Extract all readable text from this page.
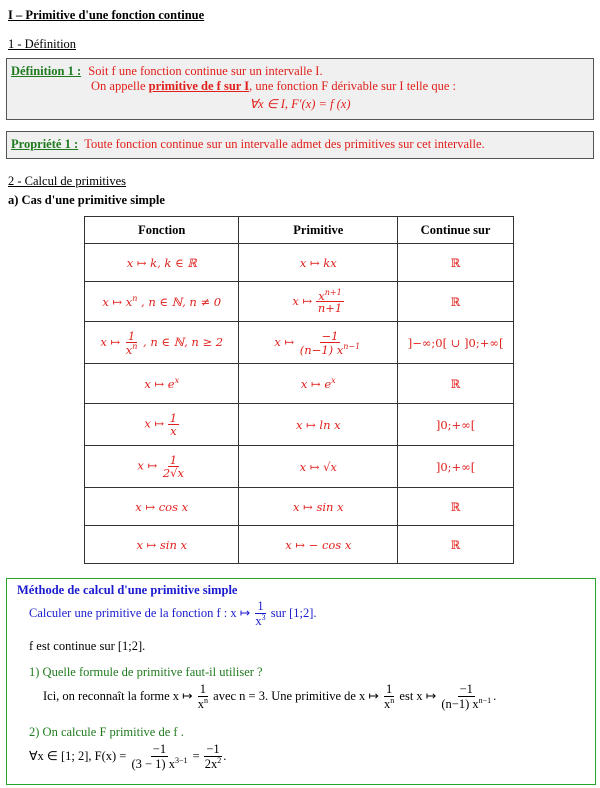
I – Primitive d'une fonction continue
1 - Définition
Définition 1 : Soit f une fonction continue sur un intervalle I.
On appelle primitive de f sur I, une fonction F dérivable sur I telle que :
∀x ∈ I, F′(x) = f (x)
Propriété 1 : Toute fonction continue sur un intervalle admet des primitives sur cet intervalle.
2 - Calcul de primitives
a) Cas d'une primitive simple
Fonction	Primitive	Continue sur
x ↦ k, k ∈ ℝ	x ↦ kx	ℝ
x ↦ $x^n$ , n ∈ ℕ, n ≠ 0	x ↦ $\frac{x^{n+1}}{n+1}$	ℝ
x ↦ $\frac{1}{x^n}$ , n ∈ ℕ, n ≥ 2	x ↦ $\frac{-1}{(n-1) x^{n-1}}$	]−∞;0[ ∪ ]0;+∞[
x ↦ $e^x$	x ↦ $e^x$	ℝ
x ↦ $\frac{1}{x}$	x ↦ ln x	]0;+∞[
x ↦ $\frac{1}{2√x}$	x ↦ √x	]0;+∞[
x ↦ cos x	x ↦ sin x	ℝ
x ↦ sin x	x ↦ − cos x	ℝ
Méthode de calcul d'une primitive simple
Calculer une primitive de la fonction f : x ↦ $\frac{1}{x^3}$ sur [1;2].
f est continue sur [1;2].
1) Quelle formule de primitive faut-il utiliser ?
Ici, on reconnaît la forme x ↦ $\frac{1}{x^n}$ avec n = 3. Une primitive de x ↦ $\frac{1}{x^n}$ est x ↦ $\frac{-1}{(n-1) x^{n-1}}$ .
2) On calcule F primitive de f .
∀x ∈ [1; 2], $F(x) = \frac{-1}{(3 - 1) x^{3-1}} = \frac{-1}{2x^2}$ .
